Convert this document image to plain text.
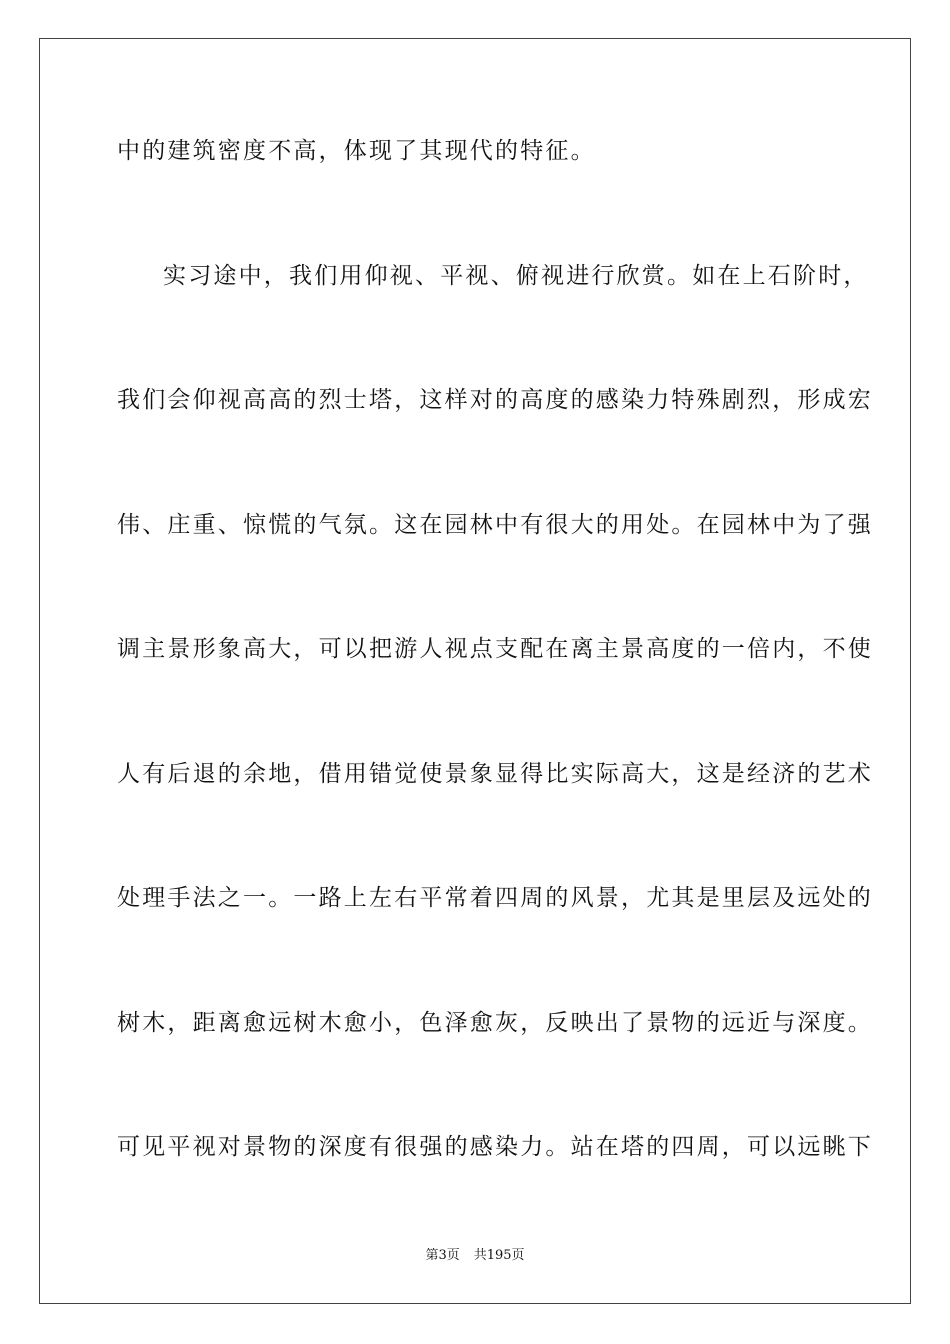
中的建筑密度不高，体现了其现代的特征。
实习途中，我们用仰视、平视、俯视进行欣赏。如在上石阶时，
我们会仰视高高的烈士塔，这样对的高度的感染力特殊剧烈，形成宏
伟、庄重、惊慌的气氛。这在园林中有很大的用处。在园林中为了强
调主景形象高大，可以把游人视点支配在离主景高度的一倍内，不使
人有后退的余地，借用错觉使景象显得比实际高大，这是经济的艺术
处理手法之一。一路上左右平常着四周的风景，尤其是里层及远处的
树木，距离愈远树木愈小，色泽愈灰，反映出了景物的远近与深度。
可见平视对景物的深度有很强的感染力。站在塔的四周，可以远眺下
第3页 共195页
